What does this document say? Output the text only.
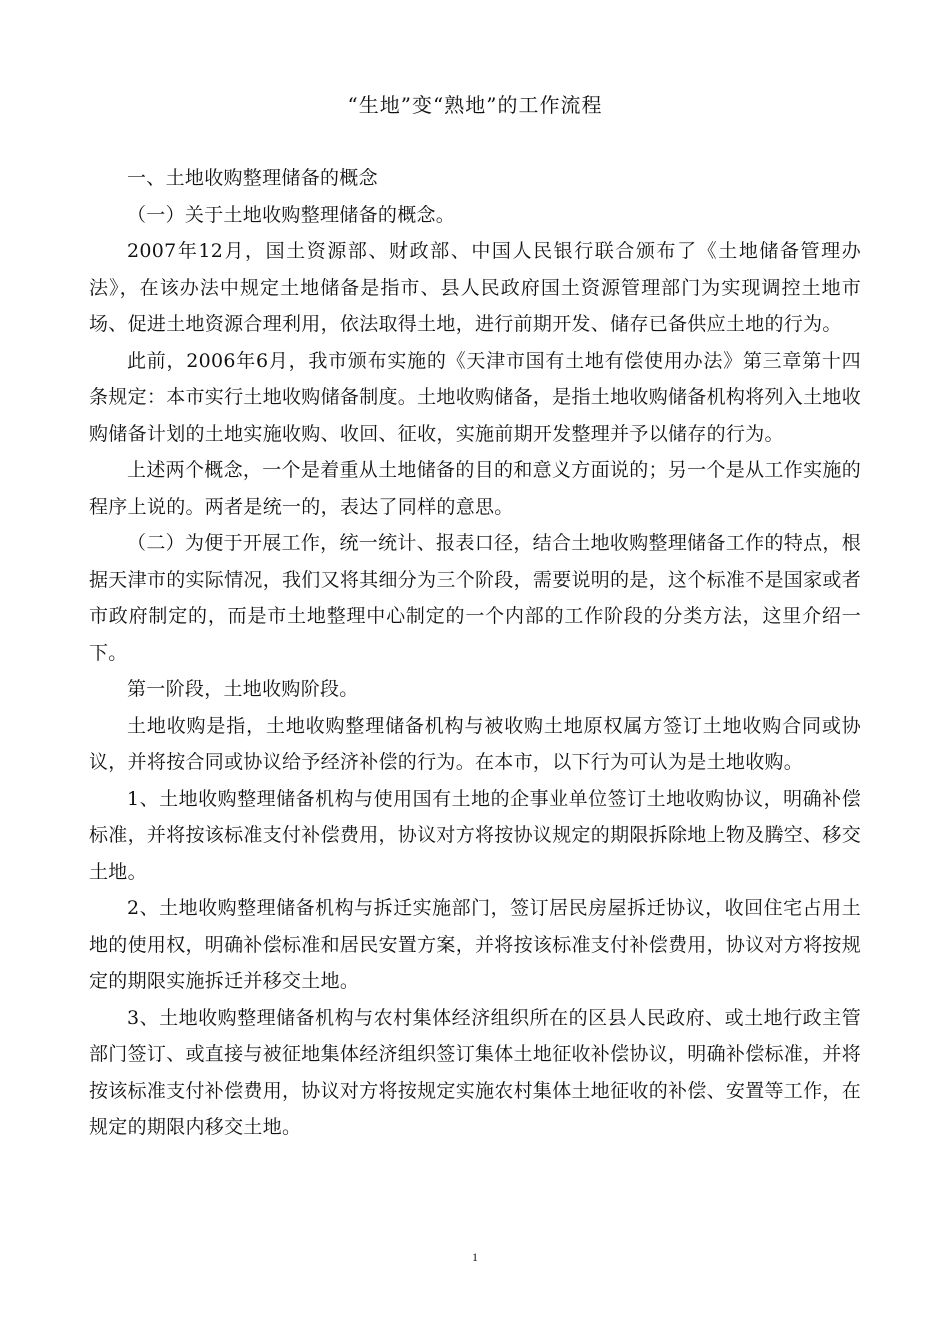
“生地”变“熟地”的工作流程

一、土地收购整理储备的概念

（一）关于土地收购整理储备的概念。

2007年12月，国土资源部、财政部、中国人民银行联合颁布了《土地储备管理办法》，在该办法中规定土地储备是指市、县人民政府国土资源管理部门为实现调控土地市场、促进土地资源合理利用，依法取得土地，进行前期开发、储存已备供应土地的行为。

此前，2006年6月，我市颁布实施的《天津市国有土地有偿使用办法》第三章第十四条规定：本市实行土地收购储备制度。土地收购储备，是指土地收购储备机构将列入土地收购储备计划的土地实施收购、收回、征收，实施前期开发整理并予以储存的行为。

上述两个概念，一个是着重从土地储备的目的和意义方面说的；另一个是从工作实施的程序上说的。两者是统一的，表达了同样的意思。

（二）为便于开展工作，统一统计、报表口径，结合土地收购整理储备工作的特点，根据天津市的实际情况，我们又将其细分为三个阶段，需要说明的是，这个标准不是国家或者市政府制定的，而是市土地整理中心制定的一个内部的工作阶段的分类方法，这里介绍一下。

第一阶段，土地收购阶段。

土地收购是指，土地收购整理储备机构与被收购土地原权属方签订土地收购合同或协议，并将按合同或协议给予经济补偿的行为。在本市，以下行为可认为是土地收购。

1、土地收购整理储备机构与使用国有土地的企事业单位签订土地收购协议，明确补偿标准，并将按该标准支付补偿费用，协议对方将按协议规定的期限拆除地上物及腾空、移交土地。

2、土地收购整理储备机构与拆迁实施部门，签订居民房屋拆迁协议，收回住宅占用土地的使用权，明确补偿标准和居民安置方案，并将按该标准支付补偿费用，协议对方将按规定的期限实施拆迁并移交土地。

3、土地收购整理储备机构与农村集体经济组织所在的区县人民政府、或土地行政主管部门签订、或直接与被征地集体经济组织签订集体土地征收补偿协议，明确补偿标准，并将按该标准支付补偿费用，协议对方将按规定实施农村集体土地征收的补偿、安置等工作，在规定的期限内移交土地。

1
